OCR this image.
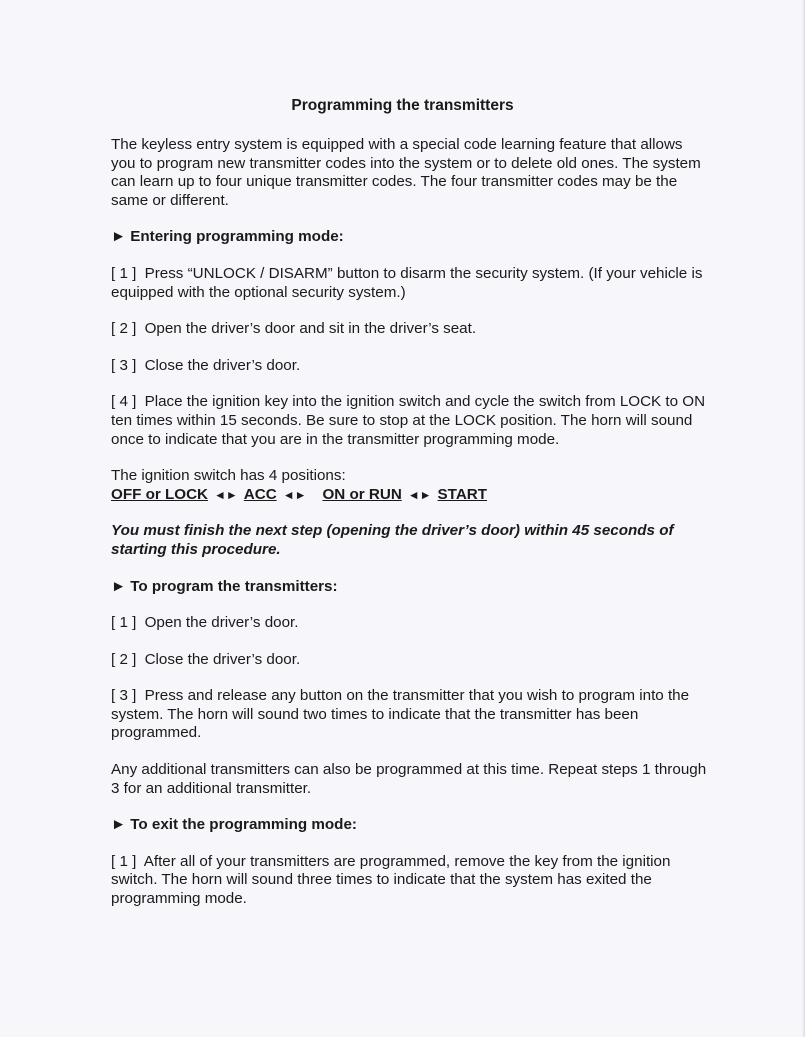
Programming the transmitters

The keyless entry system is equipped with a special code learning feature that allows you to program new transmitter codes into the system or to delete old ones. The system can learn up to four unique transmitter codes. The four transmitter codes may be the same or different.

► Entering programming mode:

[ 1 ] Press “UNLOCK / DISARM” button to disarm the security system. (If your vehicle is equipped with the optional security system.)

[ 2 ] Open the driver’s door and sit in the driver’s seat.

[ 3 ] Close the driver’s door.

[ 4 ] Place the ignition key into the ignition switch and cycle the switch from LOCK to ON ten times within 15 seconds. Be sure to stop at the LOCK position. The horn will sound once to indicate that you are in the transmitter programming mode.

The ignition switch has 4 positions:

OFF or LOCK ◄► ACC ◄► ON or RUN ◄► START

You must finish the next step (opening the driver’s door) within 45 seconds of starting this procedure.

► To program the transmitters:

[ 1 ] Open the driver’s door.

[ 2 ] Close the driver’s door.

[ 3 ] Press and release any button on the transmitter that you wish to program into the system. The horn will sound two times to indicate that the transmitter has been programmed.

Any additional transmitters can also be programmed at this time. Repeat steps 1 through 3 for an additional transmitter.

► To exit the programming mode:

[ 1 ] After all of your transmitters are programmed, remove the key from the ignition switch. The horn will sound three times to indicate that the system has exited the programming mode.
